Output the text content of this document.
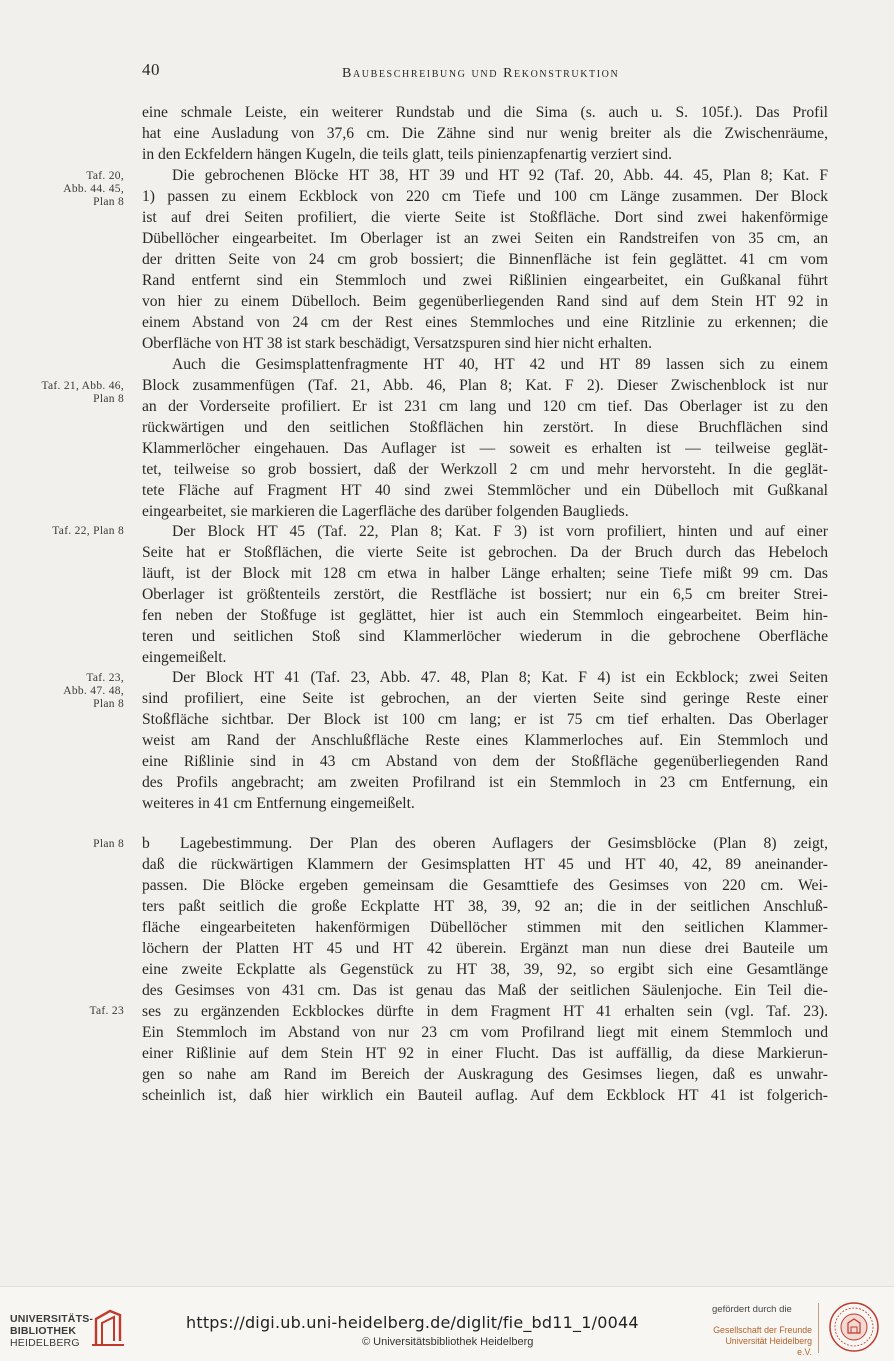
40	Baubeschreibung und Rekonstruktion
eine schmale Leiste, ein weiterer Rundstab und die Sima (s. auch u. S. 105f.). Das Profil
hat eine Ausladung von 37,6 cm. Die Zähne sind nur wenig breiter als die Zwischenräume,
in den Eckfeldern hängen Kugeln, die teils glatt, teils pinienzapfenartig verziert sind.
Taf. 20,
Abb. 44. 45,
Plan 8
Die gebrochenen Blöcke HT 38, HT 39 und HT 92 (Taf. 20, Abb. 44. 45, Plan 8; Kat. F
1) passen zu einem Eckblock von 220 cm Tiefe und 100 cm Länge zusammen. Der Block
ist auf drei Seiten profiliert, die vierte Seite ist Stoßfläche. Dort sind zwei hakenförmige
Dübellöcher eingearbeitet. Im Oberlager ist an zwei Seiten ein Randstreifen von 35 cm, an
der dritten Seite von 24 cm grob bossiert; die Binnenfläche ist fein geglättet. 41 cm vom
Rand entfernt sind ein Stemmloch und zwei Rißlinien eingearbeitet, ein Gußkanal führt
von hier zu einem Dübelloch. Beim gegenüberliegenden Rand sind auf dem Stein HT 92 in
einem Abstand von 24 cm der Rest eines Stemmloches und eine Ritzlinie zu erkennen; die
Oberfläche von HT 38 ist stark beschädigt, Versatzspuren sind hier nicht erhalten.
Taf. 21, Abb. 46,
Plan 8
Auch die Gesimsplattenfragmente HT 40, HT 42 und HT 89 lassen sich zu einem
Block zusammenfügen (Taf. 21, Abb. 46, Plan 8; Kat. F 2). Dieser Zwischenblock ist nur
an der Vorderseite profiliert. Er ist 231 cm lang und 120 cm tief. Das Oberlager ist zu den
rückwärtigen und den seitlichen Stoßflächen hin zerstört. In diese Bruchflächen sind
Klammerlöcher eingehauen. Das Auflager ist — soweit es erhalten ist — teilweise geglät-
tet, teilweise so grob bossiert, daß der Werkzoll 2 cm und mehr hervorsteht. In die geglät-
tete Fläche auf Fragment HT 40 sind zwei Stemmlöcher und ein Dübelloch mit Gußkanal
eingearbeitet, sie markieren die Lagerfläche des darüber folgenden Bauglieds.
Taf. 22, Plan 8	Der Block HT 45 (Taf. 22, Plan 8; Kat. F 3) ist vorn profiliert, hinten und auf einer
Seite hat er Stoßflächen, die vierte Seite ist gebrochen. Da der Bruch durch das Hebeloch
läuft, ist der Block mit 128 cm etwa in halber Länge erhalten; seine Tiefe mißt 99 cm. Das
Oberlager ist größtenteils zerstört, die Restfläche ist bossiert; nur ein 6,5 cm breiter Strei-
fen neben der Stoßfuge ist geglättet, hier ist auch ein Stemmloch eingearbeitet. Beim hin-
teren und seitlichen Stoß sind Klammerlöcher wiederum in die gebrochene Oberfläche
eingemeißelt.
Taf. 23,
Abb. 47. 48,
Plan 8
Der Block HT 41 (Taf. 23, Abb. 47. 48, Plan 8; Kat. F 4) ist ein Eckblock; zwei Seiten
sind profiliert, eine Seite ist gebrochen, an der vierten Seite sind geringe Reste einer
Stoßfläche sichtbar. Der Block ist 100 cm lang; er ist 75 cm tief erhalten. Das Oberlager
weist am Rand der Anschlußfläche Reste eines Klammerloches auf. Ein Stemmloch und
eine Rißlinie sind in 43 cm Abstand von dem der Stoßfläche gegenüberliegenden Rand
des Profils angebracht; am zweiten Profilrand ist ein Stemmloch in 23 cm Entfernung, ein
weiteres in 41 cm Entfernung eingemeißelt.
Plan 8
Taf. 23
b Lagebestimmung. Der Plan des oberen Auflagers der Gesimsblöcke (Plan 8) zeigt,
daß die rückwärtigen Klammern der Gesimsplatten HT 45 und HT 40, 42, 89 aneinander-
passen. Die Blöcke ergeben gemeinsam die Gesamttiefe des Gesimses von 220 cm. Wei-
ters paßt seitlich die große Eckplatte HT 38, 39, 92 an; die in der seitlichen Anschluß-
fläche eingearbeiteten hakenförmigen Dübellöcher stimmen mit den seitlichen Klammer-
löchern der Platten HT 45 und HT 42 überein. Ergänzt man nun diese drei Bauteile um
eine zweite Eckplatte als Gegenstück zu HT 38, 39, 92, so ergibt sich eine Gesamtlänge
des Gesimses von 431 cm. Das ist genau das Maß der seitlichen Säulenjoche. Ein Teil die-
ses zu ergänzenden Eckblockes dürfte in dem Fragment HT 41 erhalten sein (vgl. Taf. 23).
Ein Stemmloch im Abstand von nur 23 cm vom Profilrand liegt mit einem Stemmloch und
einer Rißlinie auf dem Stein HT 92 in einer Flucht. Das ist auffällig, da diese Markierun-
gen so nahe am Rand im Bereich der Auskragung des Gesimses liegen, daß es unwahr-
scheinlich ist, daß hier wirklich ein Bauteil auflag. Auf dem Eckblock HT 41 ist folgerich-
UNIVERSITÄTS-
BIBLIOTHEK
HEIDELBERG
https://digi.ub.uni-heidelberg.de/diglit/fie_bd11_1/0044
© Universitätsbibliothek Heidelberg
gefördert durch die
Gesellschaft der Freunde
Universität Heidelberg e.V.
